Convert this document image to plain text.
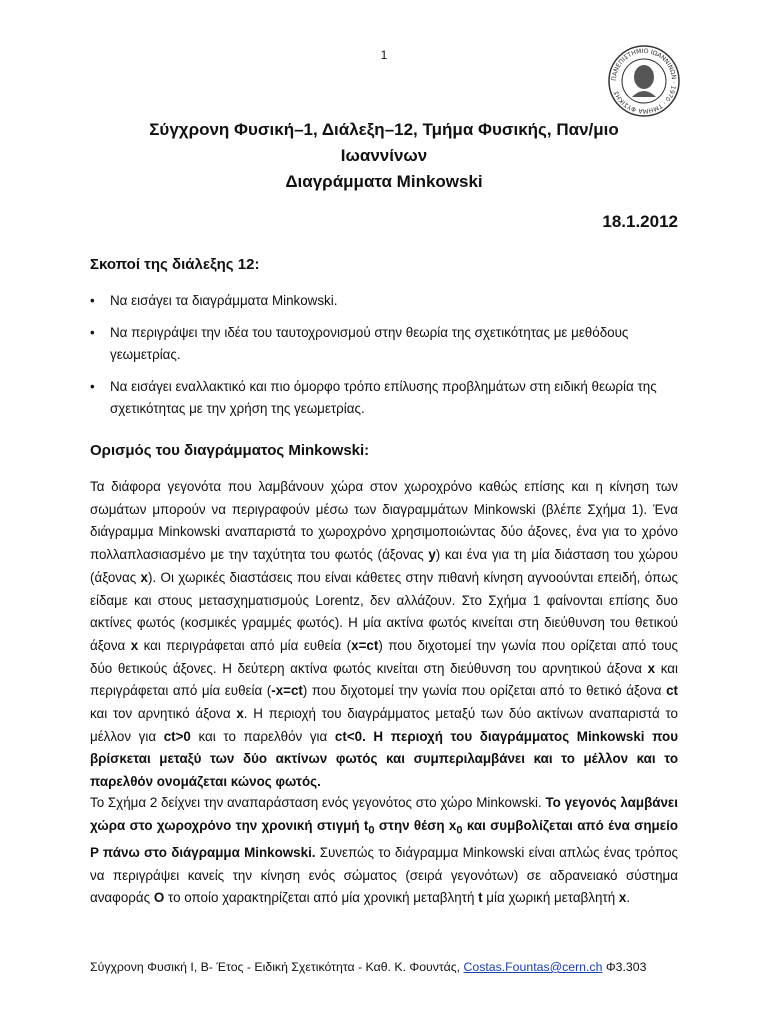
1
ΠΑΝΕΠΙΣΤΗΜΙΟ ΙΩΑΝΝΙΝΩΝ · 1970 · ΤΜΗΜΑ ΦΥΣΙΚΗΣ
Σύγχρονη Φυσική–1, Διάλεξη–12, Τμήμα Φυσικής, Παν/μιο
Ιωαννίνων
Διαγράμματα Minkowski
18.1.2012
Σκοποί της διάλεξης 12:
• Να εισάγει τα διαγράμματα Minkowski.
• Να περιγράψει την ιδέα του ταυτοχρονισμού στην θεωρία της σχετικότητας με μεθόδους γεωμετρίας.
• Να εισάγει εναλλακτικό και πιο όμορφο τρόπο επίλυσης προβλημάτων στη ειδική θεωρία της σχετικότητας με την χρήση της γεωμετρίας.
Ορισμός του διαγράμματος Minkowski:

Τα διάφορα γεγονότα που λαμβάνουν χώρα στον χωροχρόνο καθώς επίσης και η κίνηση των σωμάτων μπορούν να περιγραφούν μέσω των διαγραμμάτων Minkowski (βλέπε Σχήμα 1). Ένα διάγραμμα Minkowski αναπαριστά το χωροχρόνο χρησιμοποιώντας δύο άξονες, ένα για το χρόνο πολλαπλασιασμένο με την ταχύτητα του φωτός (άξονας y) και ένα για τη μία διάσταση του χώρου (άξονας x). Οι χωρικές διαστάσεις που είναι κάθετες στην πιθανή κίνηση αγνοούνται επειδή, όπως είδαμε και στους μετασχηματισμούς Lorentz, δεν αλλάζουν. Στο Σχήμα 1 φαίνονται επίσης δυο ακτίνες φωτός (κοσμικές γραμμές φωτός). Η μία ακτίνα φωτός κινείται στη διεύθυνση του θετικού άξονα x και περιγράφεται από μία ευθεία (x=ct) που διχοτομεί την γωνία που ορίζεται από τους δύο θετικούς άξονες. Η δεύτερη ακτίνα φωτός κινείται στη διεύθυνση του αρνητικού άξονα x και περιγράφεται από μία ευθεία (-x=ct) που διχοτομεί την γωνία που ορίζεται από το θετικό άξονα ct και τον αρνητικό άξονα x. Η περιοχή του διαγράμματος μεταξύ των δύο ακτίνων αναπαριστά το μέλλον για ct>0 και το παρελθόν για ct<0. Η περιοχή του διαγράμματος Minkowski που βρίσκεται μεταξύ των δύο ακτίνων φωτός και συμπεριλαμβάνει και το μέλλον και το παρελθόν ονομάζεται κώνος φωτός.

Το Σχήμα 2 δείχνει την αναπαράσταση ενός γεγονότος στο χώρο Minkowski. Το γεγονός λαμβάνει χώρα στο χωροχρόνο την χρονική στιγμή $t_0$ στην θέση $x_0$ και συμβολίζεται από ένα σημείο P πάνω στο διάγραμμα Minkowski. Συνεπώς το διάγραμμα Minkowski είναι απλώς ένας τρόπος να περιγράψει κανείς την κίνηση ενός σώματος (σειρά γεγονότων) σε αδρανειακό σύστημα αναφοράς O το οποίο χαρακτηρίζεται από μία χρονική μεταβλητή t μία χωρική μεταβλητή x.

Σύγχρονη Φυσική Ι, Β- Έτος - Ειδική Σχετικότητα - Καθ. Κ. Φουντάς, Costas.Fountas@cern.ch Φ3.303
